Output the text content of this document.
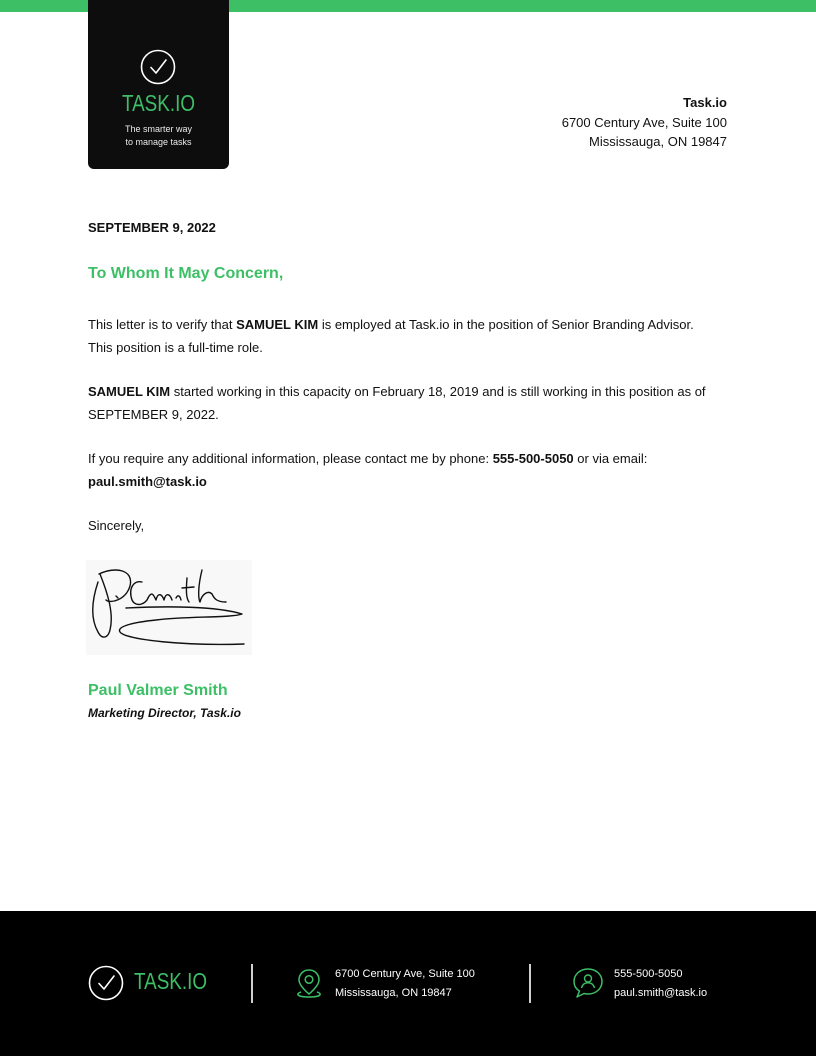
TASK.IO
The smarter way
to manage tasks
Task.io
6700 Century Ave, Suite 100
Mississauga, ON 19847
SEPTEMBER 9, 2022
To Whom It May Concern,
This letter is to verify that SAMUEL KIM is employed at Task.io in the position of Senior Branding Advisor. This position is a full-time role.
SAMUEL KIM started working in this capacity on February 18, 2019 and is still working in this position as of SEPTEMBER 9, 2022.
If you require any additional information, please contact me by phone: 555-500-5050 or via email:
paul.smith@task.io
Sincerely,
P. Smith
Paul Valmer Smith
Marketing Director, Task.io
TASK.IO	6700 Century Ave, Suite 100
Mississauga, ON 19847
555-500-5050
paul.smith@task.io
